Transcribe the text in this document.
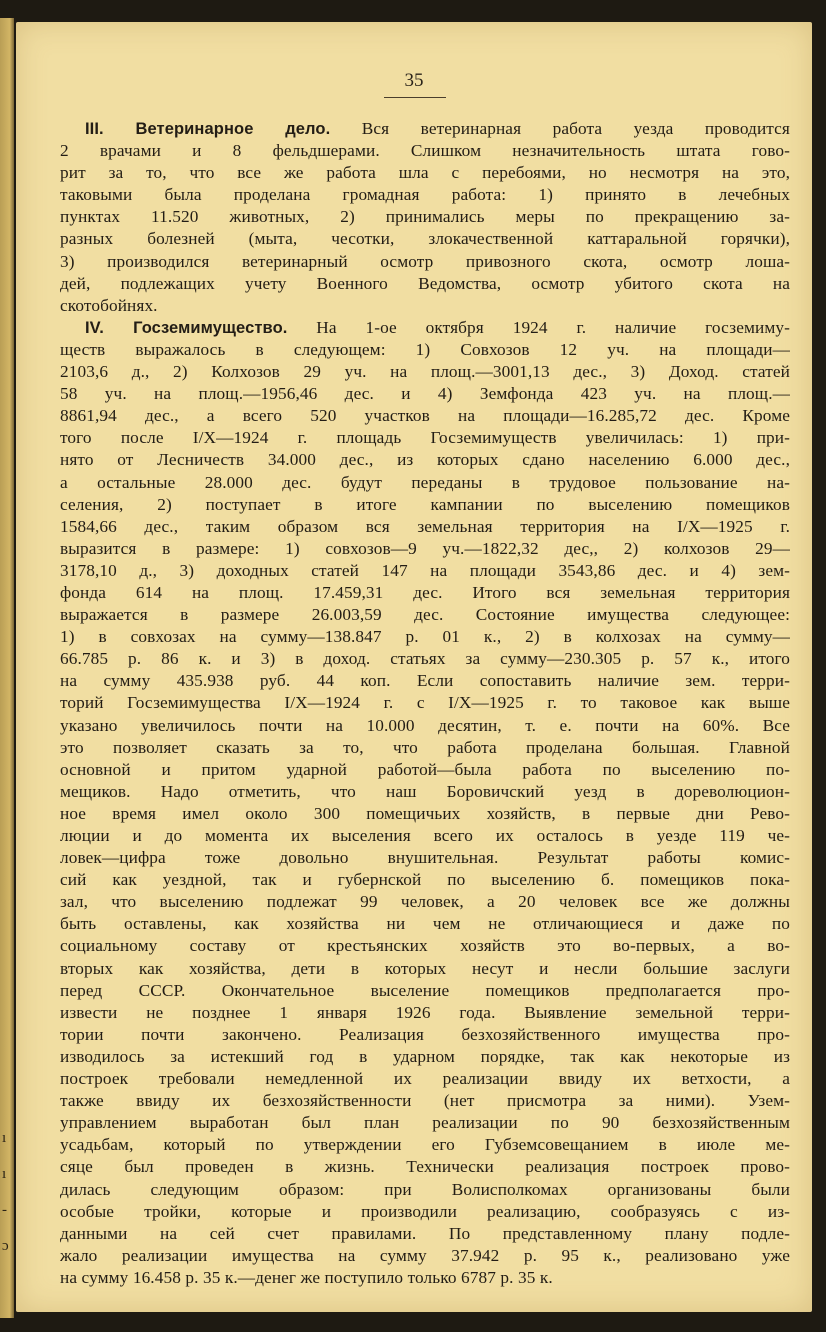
ı
ı
-
ɔ
35
III. Ветеринарное дело. Вся ветеринарная работа уезда проводится
2 врачами и 8 фельдшерами. Слишком незначительность штата гово-
рит за то, что все же работа шла с перебоями, но несмотря на это,
таковыми была проделана громадная работа: 1) принято в лечебных
пунктах 11.520 животных, 2) принимались меры по прекращению за-
разных болезней (мыта, чесотки, злокачественной каттаральной горячки),
3) производился ветеринарный осмотр привозного скота, осмотр лоша-
дей, подлежащих учету Военного Ведомства, осмотр убитого скота на
скотобойнях.
IV. Госземимущество. На 1-ое октября 1924 г. наличие госземиму-
ществ выражалось в следующем: 1) Совхозов 12 уч. на площади—
2103,6 д., 2) Колхозов 29 уч. на площ.—3001,13 дес., 3) Доход. статей
58 уч. на площ.—1956,46 дес. и 4) Земфонда 423 уч. на площ.—
8861,94 дес., а всего 520 участков на площади—16.285,72 дес. Кроме
того после I/X—1924 г. площадь Госземимуществ увеличилась: 1) при-
нято от Лесничеств 34.000 дес., из которых сдано населению 6.000 дес.,
а остальные 28.000 дес. будут переданы в трудовое пользование на-
селения, 2) поступает в итоге кампании по выселению помещиков
1584,66 дес., таким образом вся земельная территория на I/X—1925 г.
выразится в размере: 1) совхозов—9 уч.—1822,32 дес,, 2) колхозов 29—
3178,10 д., 3) доходных статей 147 на площади 3543,86 дес. и 4) зем-
фонда 614 на площ. 17.459,31 дес. Итого вся земельная территория
выражается в размере 26.003,59 дес. Состояние имущества следующее:
1) в совхозах на сумму—138.847 р. 01 к., 2) в колхозах на сумму—
66.785 р. 86 к. и 3) в доход. статьях за сумму—230.305 р. 57 к., итого
на сумму 435.938 руб. 44 коп. Если сопоставить наличие зем. терри-
торий Госземимущества I/X—1924 г. с I/X—1925 г. то таковое как выше
указано увеличилось почти на 10.000 десятин, т. е. почти на 60%. Все
это позволяет сказать за то, что работа проделана большая. Главной
основной и притом ударной работой—была работа по выселению по-
мещиков. Надо отметить, что наш Боровичский уезд в дореволюцион-
ное время имел около 300 помещичьих хозяйств, в первые дни Рево-
люции и до момента их выселения всего их осталось в уезде 119 че-
ловек—цифра тоже довольно внушительная. Результат работы комис-
сий как уездной, так и губернской по выселению б. помещиков пока-
зал, что выселению подлежат 99 человек, а 20 человек все же должны
быть оставлены, как хозяйства ни чем не отличающиеся и даже по
социальному составу от крестьянских хозяйств это во-первых, а во-
вторых как хозяйства, дети в которых несут и несли большие заслуги
перед СССР. Окончательное выселение помещиков предполагается про-
извести не позднее 1 января 1926 года. Выявление земельной терри-
тории почти закончено. Реализация безхозяйственного имущества про-
изводилось за истекший год в ударном порядке, так как некоторые из
построек требовали немедленной их реализации ввиду их ветхости, а
также ввиду их безхозяйственности (нет присмотра за ними). Узем-
управлением выработан был план реализации по 90 безхозяйственным
усадьбам, который по утверждении его Губземсовещанием в июле ме-
сяце был проведен в жизнь. Технически реализация построек прово-
дилась следующим образом: при Волисполкомах организованы были
особые тройки, которые и производили реализацию, сообразуясь с из-
данными на сей счет правилами. По представленному плану подле-
жало реализации имущества на сумму 37.942 р. 95 к., реализовано уже
на сумму 16.458 р. 35 к.—денег же поступило только 6787 р. 35 к.
